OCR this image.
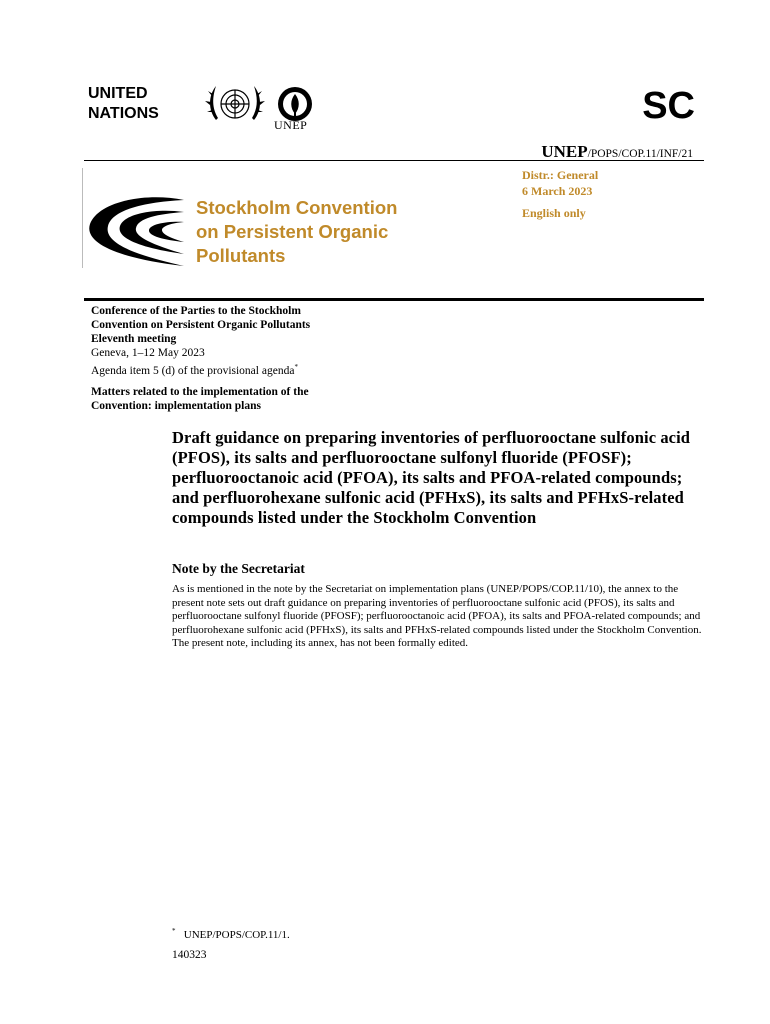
UNITED
NATIONS
UNEP	SC
UNEP/POPS/COP.11/INF/21
Distr.: General
6 March 2023
English only
Stockholm Convention
on Persistent Organic
Pollutants
Conference of the Parties to the Stockholm
Convention on Persistent Organic Pollutants
Eleventh meeting
Geneva, 1–12 May 2023
Agenda item 5 (d) of the provisional agenda*
Matters related to the implementation of the
Convention: implementation plans
Draft guidance on preparing inventories of perfluorooctane sulfonic acid (PFOS), its salts and perfluorooctane sulfonyl fluoride (PFOSF); perfluorooctanoic acid (PFOA), its salts and PFOA-related compounds; and perfluorohexane sulfonic acid (PFHxS), its salts and PFHxS-related compounds listed under the Stockholm Convention
Note by the Secretariat
As is mentioned in the note by the Secretariat on implementation plans (UNEP/POPS/COP.11/10), the annex to the present note sets out draft guidance on preparing inventories of perfluorooctane sulfonic acid (PFOS), its salts and perfluorooctane sulfonyl fluoride (PFOSF); perfluorooctanoic acid (PFOA), its salts and PFOA-related compounds; and perfluorohexane sulfonic acid (PFHxS), its salts and PFHxS-related compounds listed under the Stockholm Convention. The present note, including its annex, has not been formally edited.
* UNEP/POPS/COP.11/1.
140323
